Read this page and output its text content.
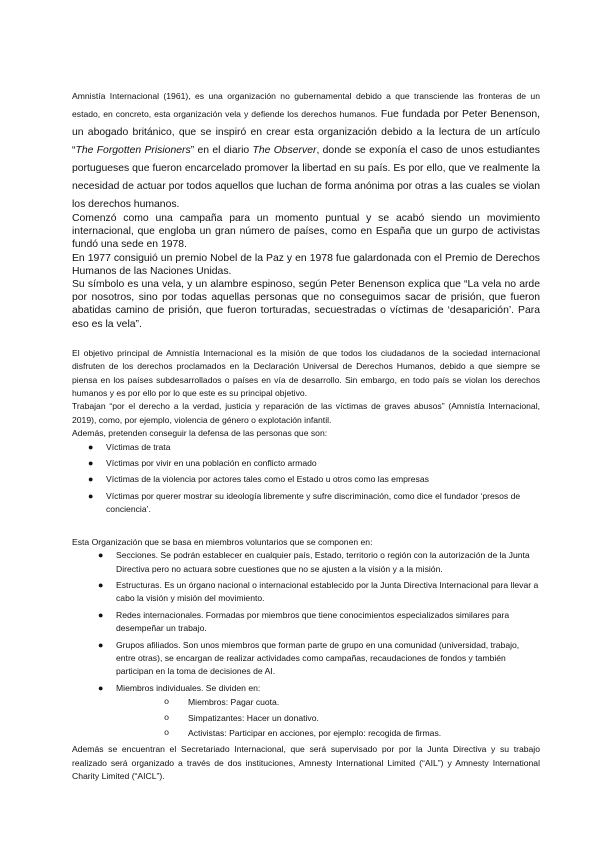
Amnistía Internacional (1961), es una organización no gubernamental debido a que transciende las fronteras de un estado, en concreto, esta organización vela y defiende los derechos humanos. Fue fundada por Peter Benenson, un abogado británico, que se inspiró en crear esta organización debido a la lectura de un artículo “The Forgotten Prisioners” en el diario The Observer, donde se exponía el caso de unos estudiantes portugueses que fueron encarcelado promover la libertad en su país. Es por ello, que ve realmente la necesidad de actuar por todos aquellos que luchan de forma anónima por otras a las cuales se violan los derechos humanos.

Comenzó como una campaña para un momento puntual y se acabó siendo un movimiento internacional, que engloba un gran número de países, como en España que un gurpo de activistas fundó una sede en 1978.

En 1977 consiguió un premio Nobel de la Paz y en 1978 fue galardonada con el Premio de Derechos Humanos de las Naciones Unidas.

Su símbolo es una vela, y un alambre espinoso, según Peter Benenson explica que “La vela no arde por nosotros, sino por todas aquellas personas que no conseguimos sacar de prisión, que fueron abatidas camino de prisión, que fueron torturadas, secuestradas o víctimas de ‘desaparición’. Para eso es la vela”.

El objetivo principal de Amnistía Internacional es la misión de que todos los ciudadanos de la sociedad internacional disfruten de los derechos proclamados en la Declaración Universal de Derechos Humanos, debido a que siempre se piensa en los países subdesarrollados o países en vía de desarrollo. Sin embargo, en todo país se violan los derechos humanos y es por ello por lo que este es su principal objetivo.

Trabajan “por el derecho a la verdad, justicia y reparación de las víctimas de graves abusos” (Amnistía Internacional, 2019), como, por ejemplo, violencia de género o explotación infantil.

Además, pretenden conseguir la defensa de las personas que son:

● Víctimas de trata
● Víctimas por vivir en una población en conflicto armado
● Víctimas de la violencia por actores tales como el Estado u otros como las empresas
● Víctimas por querer mostrar su ideología libremente y sufre discriminación, como dice el fundador ‘presos de conciencia’.

Esta Organización que se basa en miembros voluntarios que se componen en:

● Secciones. Se podrán establecer en cualquier país, Estado, territorio o región con la autorización de la Junta Directiva pero no actuara sobre cuestiones que no se ajusten a la visión y a la misión.
● Estructuras. Es un órgano nacional o internacional establecido por la Junta Directiva Internacional para llevar a cabo la visión y misión del movimiento.
● Redes internacionales. Formadas por miembros que tiene conocimientos especializados similares para desempeñar un trabajo.
● Grupos afiliados. Son unos miembros que forman parte de grupo en una comunidad (universidad, trabajo, entre otras), se encargan de realizar actividades como campañas, recaudaciones de fondos y también participan en la toma de decisiones de AI.
● Miembros individuales. Se dividen en:
o Miembros: Pagar cuota.
o Simpatizantes: Hacer un donativo.
o Activistas: Participar en acciones, por ejemplo: recogida de firmas.

Además se encuentran el Secretariado Internacional, que será supervisado por por la Junta Directiva y su trabajo realizado será organizado a través de dos instituciones, Amnesty International Limited (“AIL”) y Amnesty International Charity Limited (“AICL”).
